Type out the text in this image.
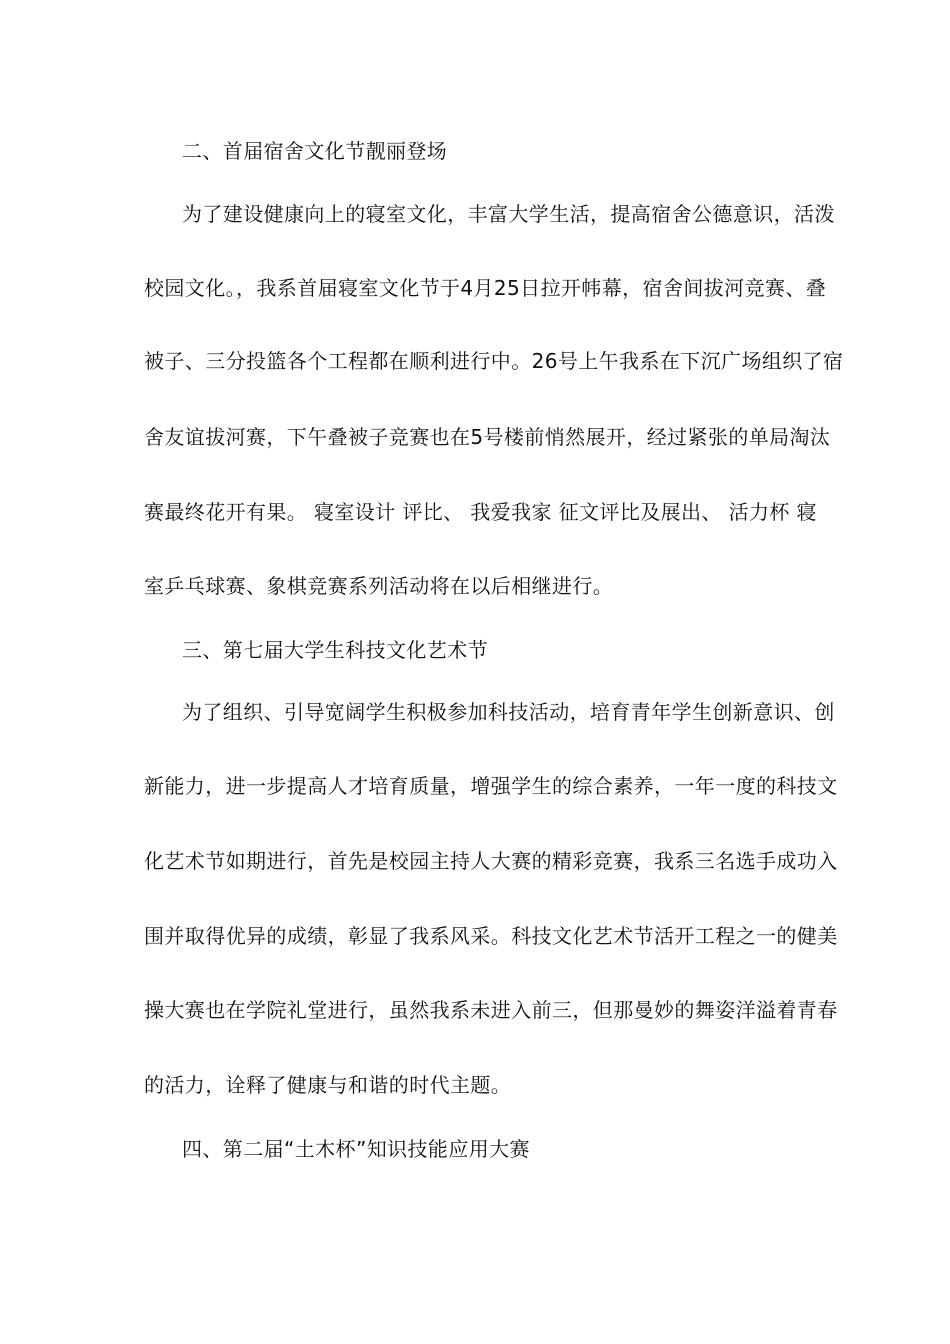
二、首届宿舍文化节靓丽登场
为了建设健康向上的寝室文化，丰富大学生活，提高宿舍公德意识，活泼
校园文化。，我系首届寝室文化节于4月25日拉开帏幕，宿舍间拔河竞赛、叠
被子、三分投篮各个工程都在顺利进行中。26号上午我系在下沉广场组织了宿
舍友谊拔河赛，下午叠被子竞赛也在5号楼前悄然展开，经过紧张的单局淘汰
赛最终花开有果。 寝室设计 评比、 我爱我家 征文评比及展出、 活力杯 寝
室乒乓球赛、象棋竞赛系列活动将在以后相继进行。
三、第七届大学生科技文化艺术节
为了组织、引导宽阔学生积极参加科技活动，培育青年学生创新意识、创
新能力，进一步提高人才培育质量，增强学生的综合素养，一年一度的科技文
化艺术节如期进行，首先是校园主持人大赛的精彩竞赛，我系三名选手成功入
围并取得优异的成绩，彰显了我系风采。科技文化艺术节活开工程之一的健美
操大赛也在学院礼堂进行，虽然我系未进入前三，但那曼妙的舞姿洋溢着青春
的活力，诠释了健康与和谐的时代主题。
四、第二届“土木杯”知识技能应用大赛
